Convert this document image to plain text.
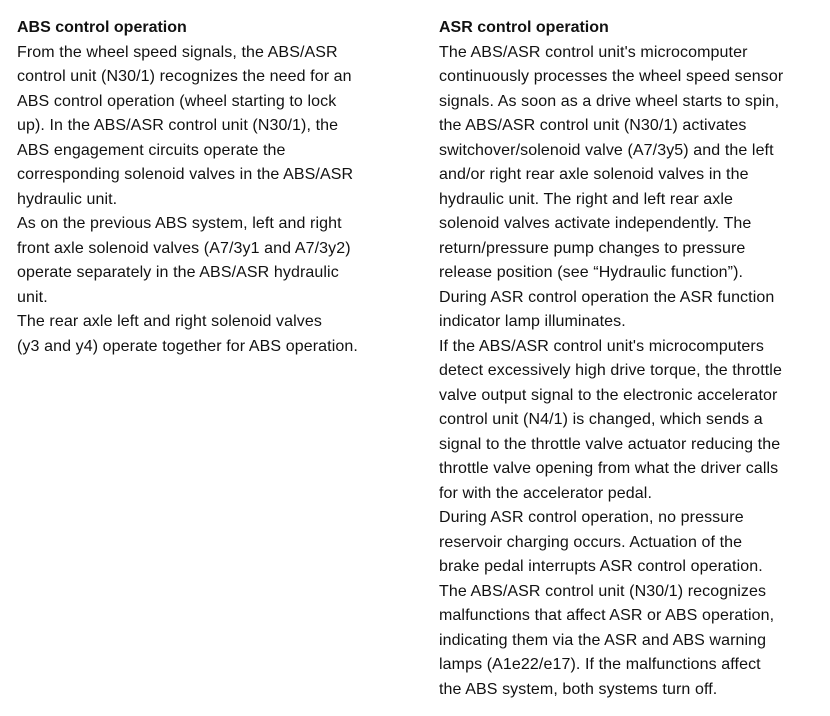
ABS control operation
From the wheel speed signals, the ABS/ASR
control unit (N30/1) recognizes the need for an
ABS control operation (wheel starting to lock
up). In the ABS/ASR control unit (N30/1), the
ABS engagement circuits operate the
corresponding solenoid valves in the ABS/ASR
hydraulic unit.
As on the previous ABS system, left and right
front axle solenoid valves (A7/3y1 and A7/3y2)
operate separately in the ABS/ASR hydraulic
unit.
The rear axle left and right solenoid valves
(y3 and y4) operate together for ABS operation.
ASR control operation
The ABS/ASR control unit's microcomputer
continuously processes the wheel speed sensor
signals. As soon as a drive wheel starts to spin,
the ABS/ASR control unit (N30/1) activates
switchover/solenoid valve (A7/3y5) and the left
and/or right rear axle solenoid valves in the
hydraulic unit. The right and left rear axle
solenoid valves activate independently. The
return/pressure pump changes to pressure
release position (see “Hydraulic function”).
During ASR control operation the ASR function
indicator lamp illuminates.
If the ABS/ASR control unit's microcomputers
detect excessively high drive torque, the throttle
valve output signal to the electronic accelerator
control unit (N4/1) is changed, which sends a
signal to the throttle valve actuator reducing the
throttle valve opening from what the driver calls
for with the accelerator pedal.
During ASR control operation, no pressure
reservoir charging occurs. Actuation of the
brake pedal interrupts ASR control operation.
The ABS/ASR control unit (N30/1) recognizes
malfunctions that affect ASR or ABS operation,
indicating them via the ASR and ABS warning
lamps (A1e22/e17). If the malfunctions affect
the ABS system, both systems turn off.
